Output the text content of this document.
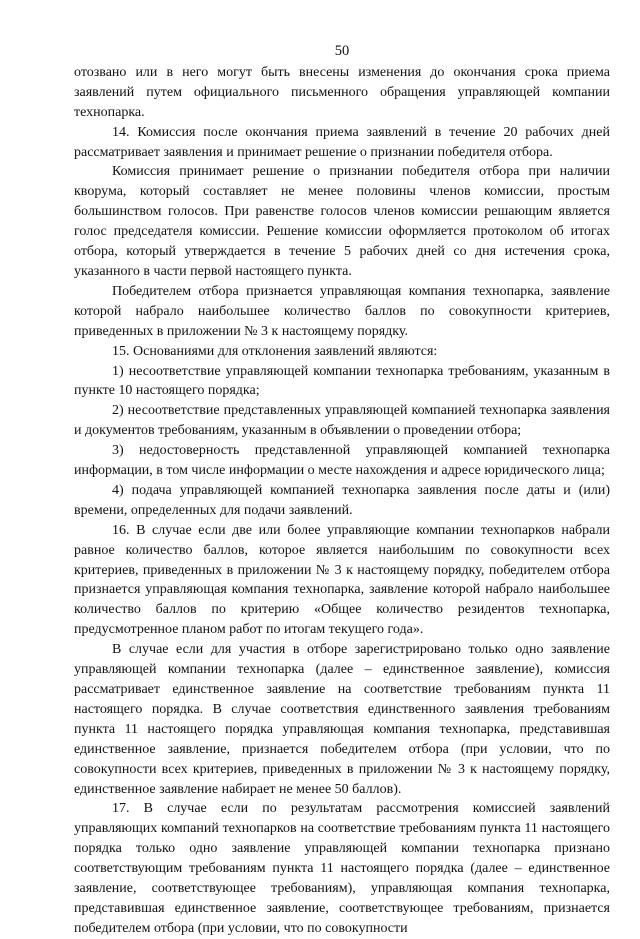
50

отозвано или в него могут быть внесены изменения до окончания срока приема заявлений путем официального письменного обращения управляющей компании технопарка.

14. Комиссия после окончания приема заявлений в течение 20 рабочих дней рассматривает заявления и принимает решение о признании победителя отбора.

Комиссия принимает решение о признании победителя отбора при наличии кворума, который составляет не менее половины членов комиссии, простым большинством голосов. При равенстве голосов членов комиссии решающим является голос председателя комиссии. Решение комиссии оформляется протоколом об итогах отбора, который утверждается в течение 5 рабочих дней со дня истечения срока, указанного в части первой настоящего пункта.

Победителем отбора признается управляющая компания технопарка, заявление которой набрало наибольшее количество баллов по совокупности критериев, приведенных в приложении № 3 к настоящему порядку.

15. Основаниями для отклонения заявлений являются:

1) несоответствие управляющей компании технопарка требованиям, указанным в пункте 10 настоящего порядка;

2) несоответствие представленных управляющей компанией технопарка заявления и документов требованиям, указанным в объявлении о проведении отбора;

3) недостоверность представленной управляющей компанией технопарка информации, в том числе информации о месте нахождения и адресе юридического лица;

4) подача управляющей компанией технопарка заявления после даты и (или) времени, определенных для подачи заявлений.

16. В случае если две или более управляющие компании технопарков набрали равное количество баллов, которое является наибольшим по совокупности всех критериев, приведенных в приложении № 3 к настоящему порядку, победителем отбора признается управляющая компания технопарка, заявление которой набрало наибольшее количество баллов по критерию «Общее количество резидентов технопарка, предусмотренное планом работ по итогам текущего года».

В случае если для участия в отборе зарегистрировано только одно заявление управляющей компании технопарка (далее – единственное заявление), комиссия рассматривает единственное заявление на соответствие требованиям пункта 11 настоящего порядка. В случае соответствия единственного заявления требованиям пункта 11 настоящего порядка управляющая компания технопарка, представившая единственное заявление, признается победителем отбора (при условии, что по совокупности всех критериев, приведенных в приложении № 3 к настоящему порядку, единственное заявление набирает не менее 50 баллов).

17. В случае если по результатам рассмотрения комиссией заявлений управляющих компаний технопарков на соответствие требованиям пункта 11 настоящего порядка только одно заявление управляющей компании технопарка признано соответствующим требованиям пункта 11 настоящего порядка (далее – единственное заявление, соответствующее требованиям), управляющая компания технопарка, представившая единственное заявление, соответствующее требованиям, признается победителем отбора (при условии, что по совокупности
